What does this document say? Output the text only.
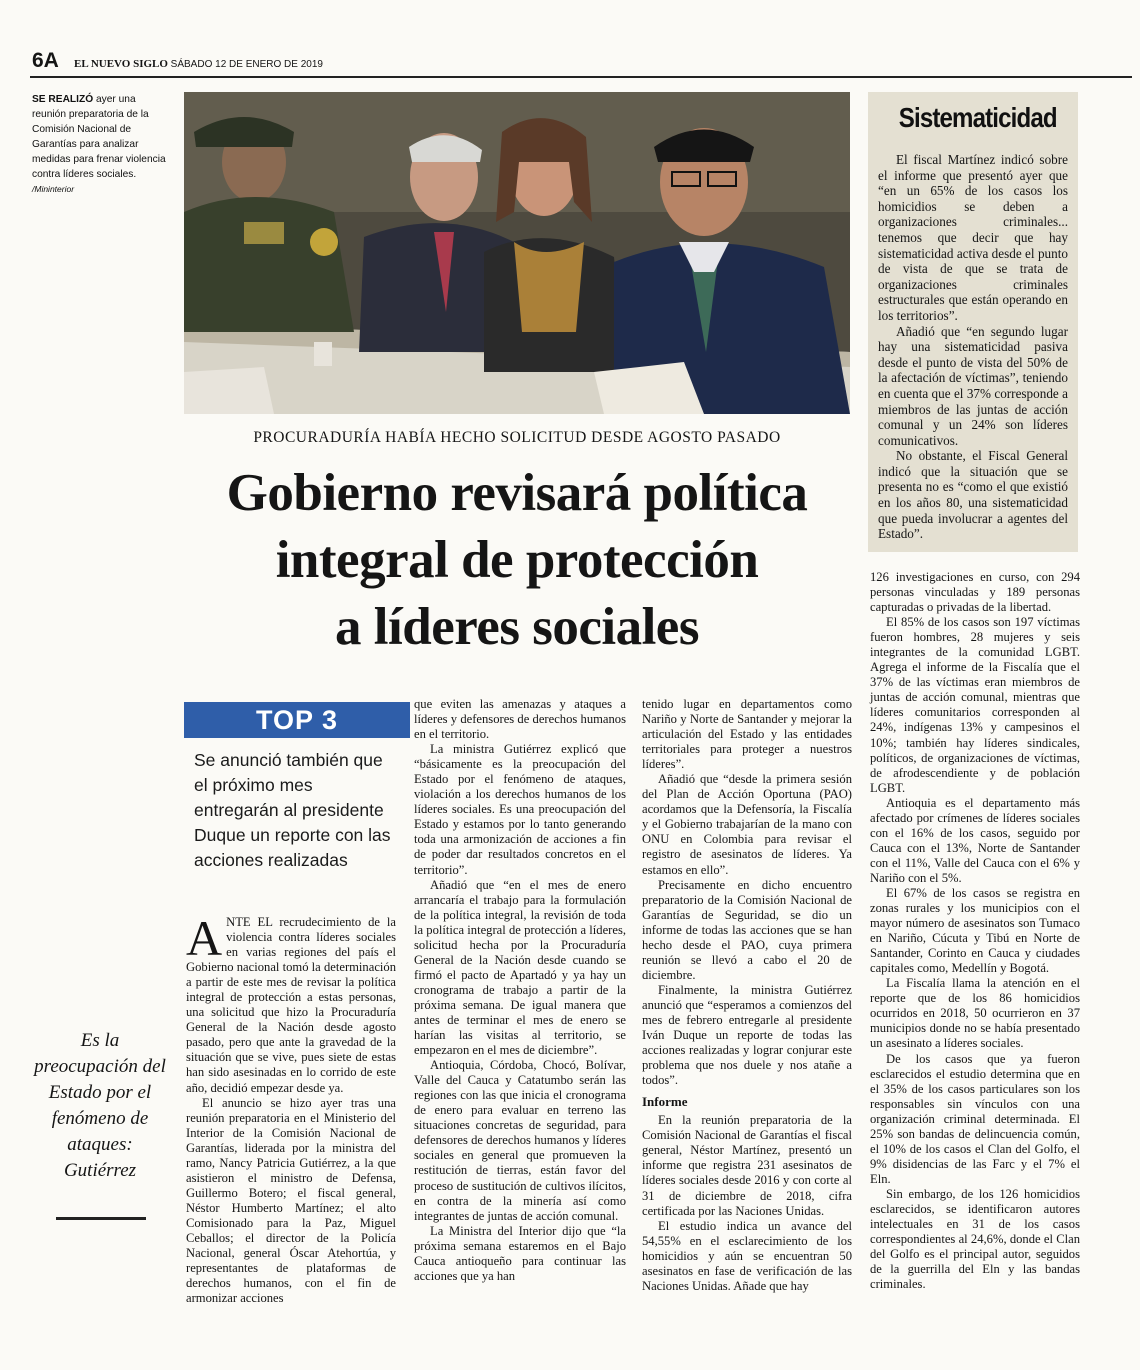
6A EL NUEVO SIGLO SÁBADO 12 DE ENERO DE 2019
SE REALIZÓ ayer una reunión preparatoria de la Comisión Nacional de Garantías para analizar medidas para frenar violencia contra líderes sociales. /Mininterior
Sistematicidad

El fiscal Martínez indicó sobre el informe que presentó ayer que “en un 65% de los casos los homicidios se deben a organizaciones criminales... tenemos que decir que hay sistematicidad activa desde el punto de vista de que se trata de organizaciones criminales estructurales que están operando en los territorios”.

Añadió que “en segundo lugar hay una sistematicidad pasiva desde el punto de vista del 50% de la afectación de víctimas”, teniendo en cuenta que el 37% corresponde a miembros de las juntas de acción comunal y un 24% son líderes comunicativos.

No obstante, el Fiscal General indicó que la situación que se presenta no es “como el que existió en los años 80, una sistematicidad que pueda involucrar a agentes del Estado”.

PROCURADURÍA HABÍA HECHO SOLICITUD DESDE AGOSTO PASADO
Gobierno revisará política
integral de protección
a líderes sociales
TOP 3
Se anunció también que el próximo mes entregarán al presidente Duque un reporte con las acciones realizadas
Es la preocupación del Estado por el fenómeno de ataques: Gutiérrez

ANTE EL recrudecimiento de la violencia contra líderes sociales en varias regiones del país el Gobierno nacional tomó la determinación a partir de este mes de revisar la política integral de protección a estas personas, una solicitud que hizo la Procuraduría General de la Nación desde agosto pasado, pero que ante la gravedad de la situación que se vive, pues siete de estas han sido asesinadas en lo corrido de este año, decidió empezar desde ya.

El anuncio se hizo ayer tras una reunión preparatoria en el Ministerio del Interior de la Comisión Nacional de Garantías, liderada por la ministra del ramo, Nancy Patricia Gutiérrez, a la que asistieron el ministro de Defensa, Guillermo Botero; el fiscal general, Néstor Humberto Martínez; el alto Comisionado para la Paz, Miguel Ceballos; el director de la Policía Nacional, general Óscar Atehortúa, y representantes de plataformas de derechos humanos, con el fin de armonizar acciones

que eviten las amenazas y ataques a líderes y defensores de derechos humanos en el territorio.

La ministra Gutiérrez explicó que “básicamente es la preocupación del Estado por el fenómeno de ataques, violación a los derechos humanos de los líderes sociales. Es una preocupación del Estado y estamos por lo tanto generando toda una armonización de acciones a fin de poder dar resultados concretos en el territorio”.

Añadió que “en el mes de enero arrancaría el trabajo para la formulación de la política integral, la revisión de toda la política integral de protección a líderes, solicitud hecha por la Procuraduría General de la Nación desde cuando se firmó el pacto de Apartadó y ya hay un cronograma de trabajo a partir de la próxima semana. De igual manera que antes de terminar el mes de enero se harían las visitas al territorio, se empezaron en el mes de diciembre”.

Antioquia, Córdoba, Chocó, Bolívar, Valle del Cauca y Catatumbo serán las regiones con las que inicia el cronograma de enero para evaluar en terreno las situaciones concretas de seguridad, para defensores de derechos humanos y líderes sociales en general que promueven la restitución de tierras, están favor del proceso de sustitución de cultivos ilícitos, en contra de la minería así como integrantes de juntas de acción comunal.

La Ministra del Interior dijo que “la próxima semana estaremos en el Bajo Cauca antioqueño para continuar las acciones que ya han

tenido lugar en departamentos como Nariño y Norte de Santander y mejorar la articulación del Estado y las entidades territoriales para proteger a nuestros líderes”.

Añadió que “desde la primera sesión del Plan de Acción Oportuna (PAO) acordamos que la Defensoría, la Fiscalía y el Gobierno trabajarían de la mano con ONU en Colombia para revisar el registro de asesinatos de líderes. Ya estamos en ello”.

Precisamente en dicho encuentro preparatorio de la Comisión Nacional de Garantías de Seguridad, se dio un informe de todas las acciones que se han hecho desde el PAO, cuya primera reunión se llevó a cabo el 20 de diciembre.

Finalmente, la ministra Gutiérrez anunció que “esperamos a comienzos del mes de febrero entregarle al presidente Iván Duque un reporte de todas las acciones realizadas y lograr conjurar este problema que nos duele y nos atañe a todos”.

Informe

En la reunión preparatoria de la Comisión Nacional de Garantías el fiscal general, Néstor Martínez, presentó un informe que registra 231 asesinatos de líderes sociales desde 2016 y con corte al 31 de diciembre de 2018, cifra certificada por las Naciones Unidas.

El estudio indica un avance del 54,55% en el esclarecimiento de los homicidios y aún se encuentran 50 asesinatos en fase de verificación de las Naciones Unidas. Añade que hay

126 investigaciones en curso, con 294 personas vinculadas y 189 personas capturadas o privadas de la libertad.

El 85% de los casos son 197 víctimas fueron hombres, 28 mujeres y seis integrantes de la comunidad LGBT. Agrega el informe de la Fiscalía que el 37% de las víctimas eran miembros de juntas de acción comunal, mientras que líderes comunitarios corresponden al 24%, indígenas 13% y campesinos el 10%; también hay líderes sindicales, políticos, de organizaciones de víctimas, de afrodescendiente y de población LGBT.

Antioquia es el departamento más afectado por crímenes de líderes sociales con el 16% de los casos, seguido por Cauca con el 13%, Norte de Santander con el 11%, Valle del Cauca con el 6% y Nariño con el 5%.

El 67% de los casos se registra en zonas rurales y los municipios con el mayor número de asesinatos son Tumaco en Nariño, Cúcuta y Tibú en Norte de Santander, Corinto en Cauca y ciudades capitales como, Medellín y Bogotá.

La Fiscalía llama la atención en el reporte que de los 86 homicidios ocurridos en 2018, 50 ocurrieron en 37 municipios donde no se había presentado un asesinato a líderes sociales.

De los casos que ya fueron esclarecidos el estudio determina que en el 35% de los casos particulares son los responsables sin vínculos con una organización criminal determinada. El 25% son bandas de delincuencia común, el 10% de los casos el Clan del Golfo, el 9% disidencias de las Farc y el 7% el Eln.

Sin embargo, de los 126 homicidios esclarecidos, se identificaron autores intelectuales en 31 de los casos correspondientes al 24,6%, donde el Clan del Golfo es el principal autor, seguidos de la guerrilla del Eln y las bandas criminales.
